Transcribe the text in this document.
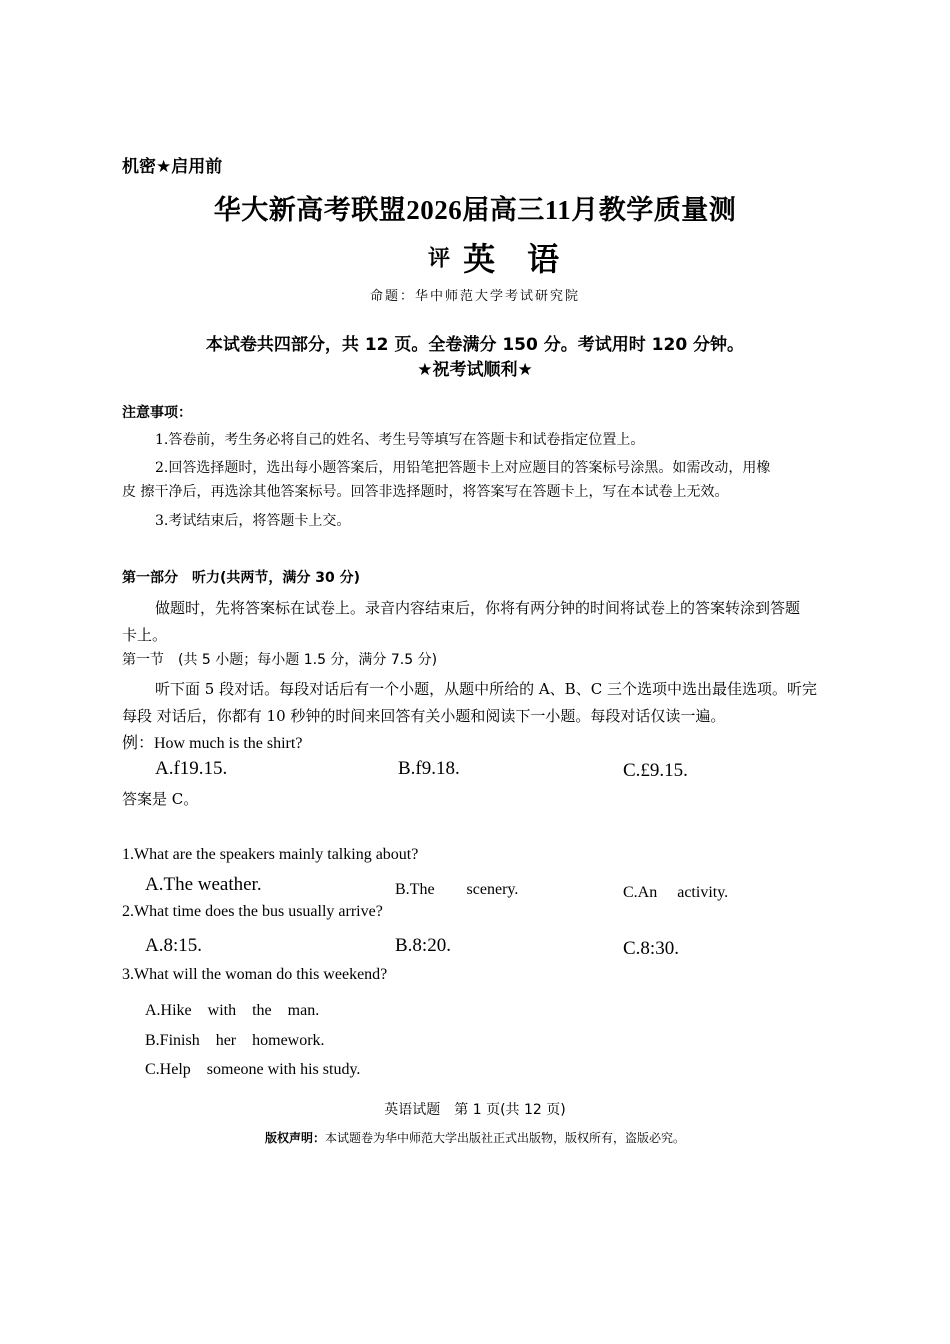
机密★启用前
华大新高考联盟2026届高三11月教学质量测
评 英　语
命题：华中师范大学考试研究院
本试卷共四部分，共 12 页。全卷满分 150 分。考试用时 120 分钟。
★祝考试顺利★
注意事项：
1.答卷前，考生务必将自己的姓名、考生号等填写在答题卡和试卷指定位置上。
2.回答选择题时，选出每小题答案后，用铅笔把答题卡上对应题目的答案标号涂黑。如需改动，用橡
皮 擦干净后，再选涂其他答案标号。回答非选择题时，将答案写在答题卡上，写在本试卷上无效。
3.考试结束后，将答题卡上交。
第一部分　听力(共两节，满分 30 分)
做题时，先将答案标在试卷上。录音内容结束后，你将有两分钟的时间将试卷上的答案转涂到答题
卡上。
第一节　(共 5 小题；每小题 1.5 分，满分 7.5 分)
听下面 5 段对话。每段对话后有一个小题，从题中所给的 A、B、C 三个选项中选出最佳选项。听完
每段 对话后，你都有 10 秒钟的时间来回答有关小题和阅读下一小题。每段对话仅读一遍。
例：How much is the shirt?
A.f19.15.	B.f9.18.	C.£9.15.
答案是 C。
1.What are the speakers mainly talking about?
A.The weather.	B.The　　scenery.	C.An　 activity.
2.What time does the bus usually arrive?
A.8:15.	B.8:20.	C.8:30.
3.What will the woman do this weekend?
A.Hike　with　the　man.
B.Finish　her　homework.
C.Help　someone with his study.
英语试题　第 1 页(共 12 页)
版权声明：本试题卷为华中师范大学出版社正式出版物，版权所有，盗版必究。
